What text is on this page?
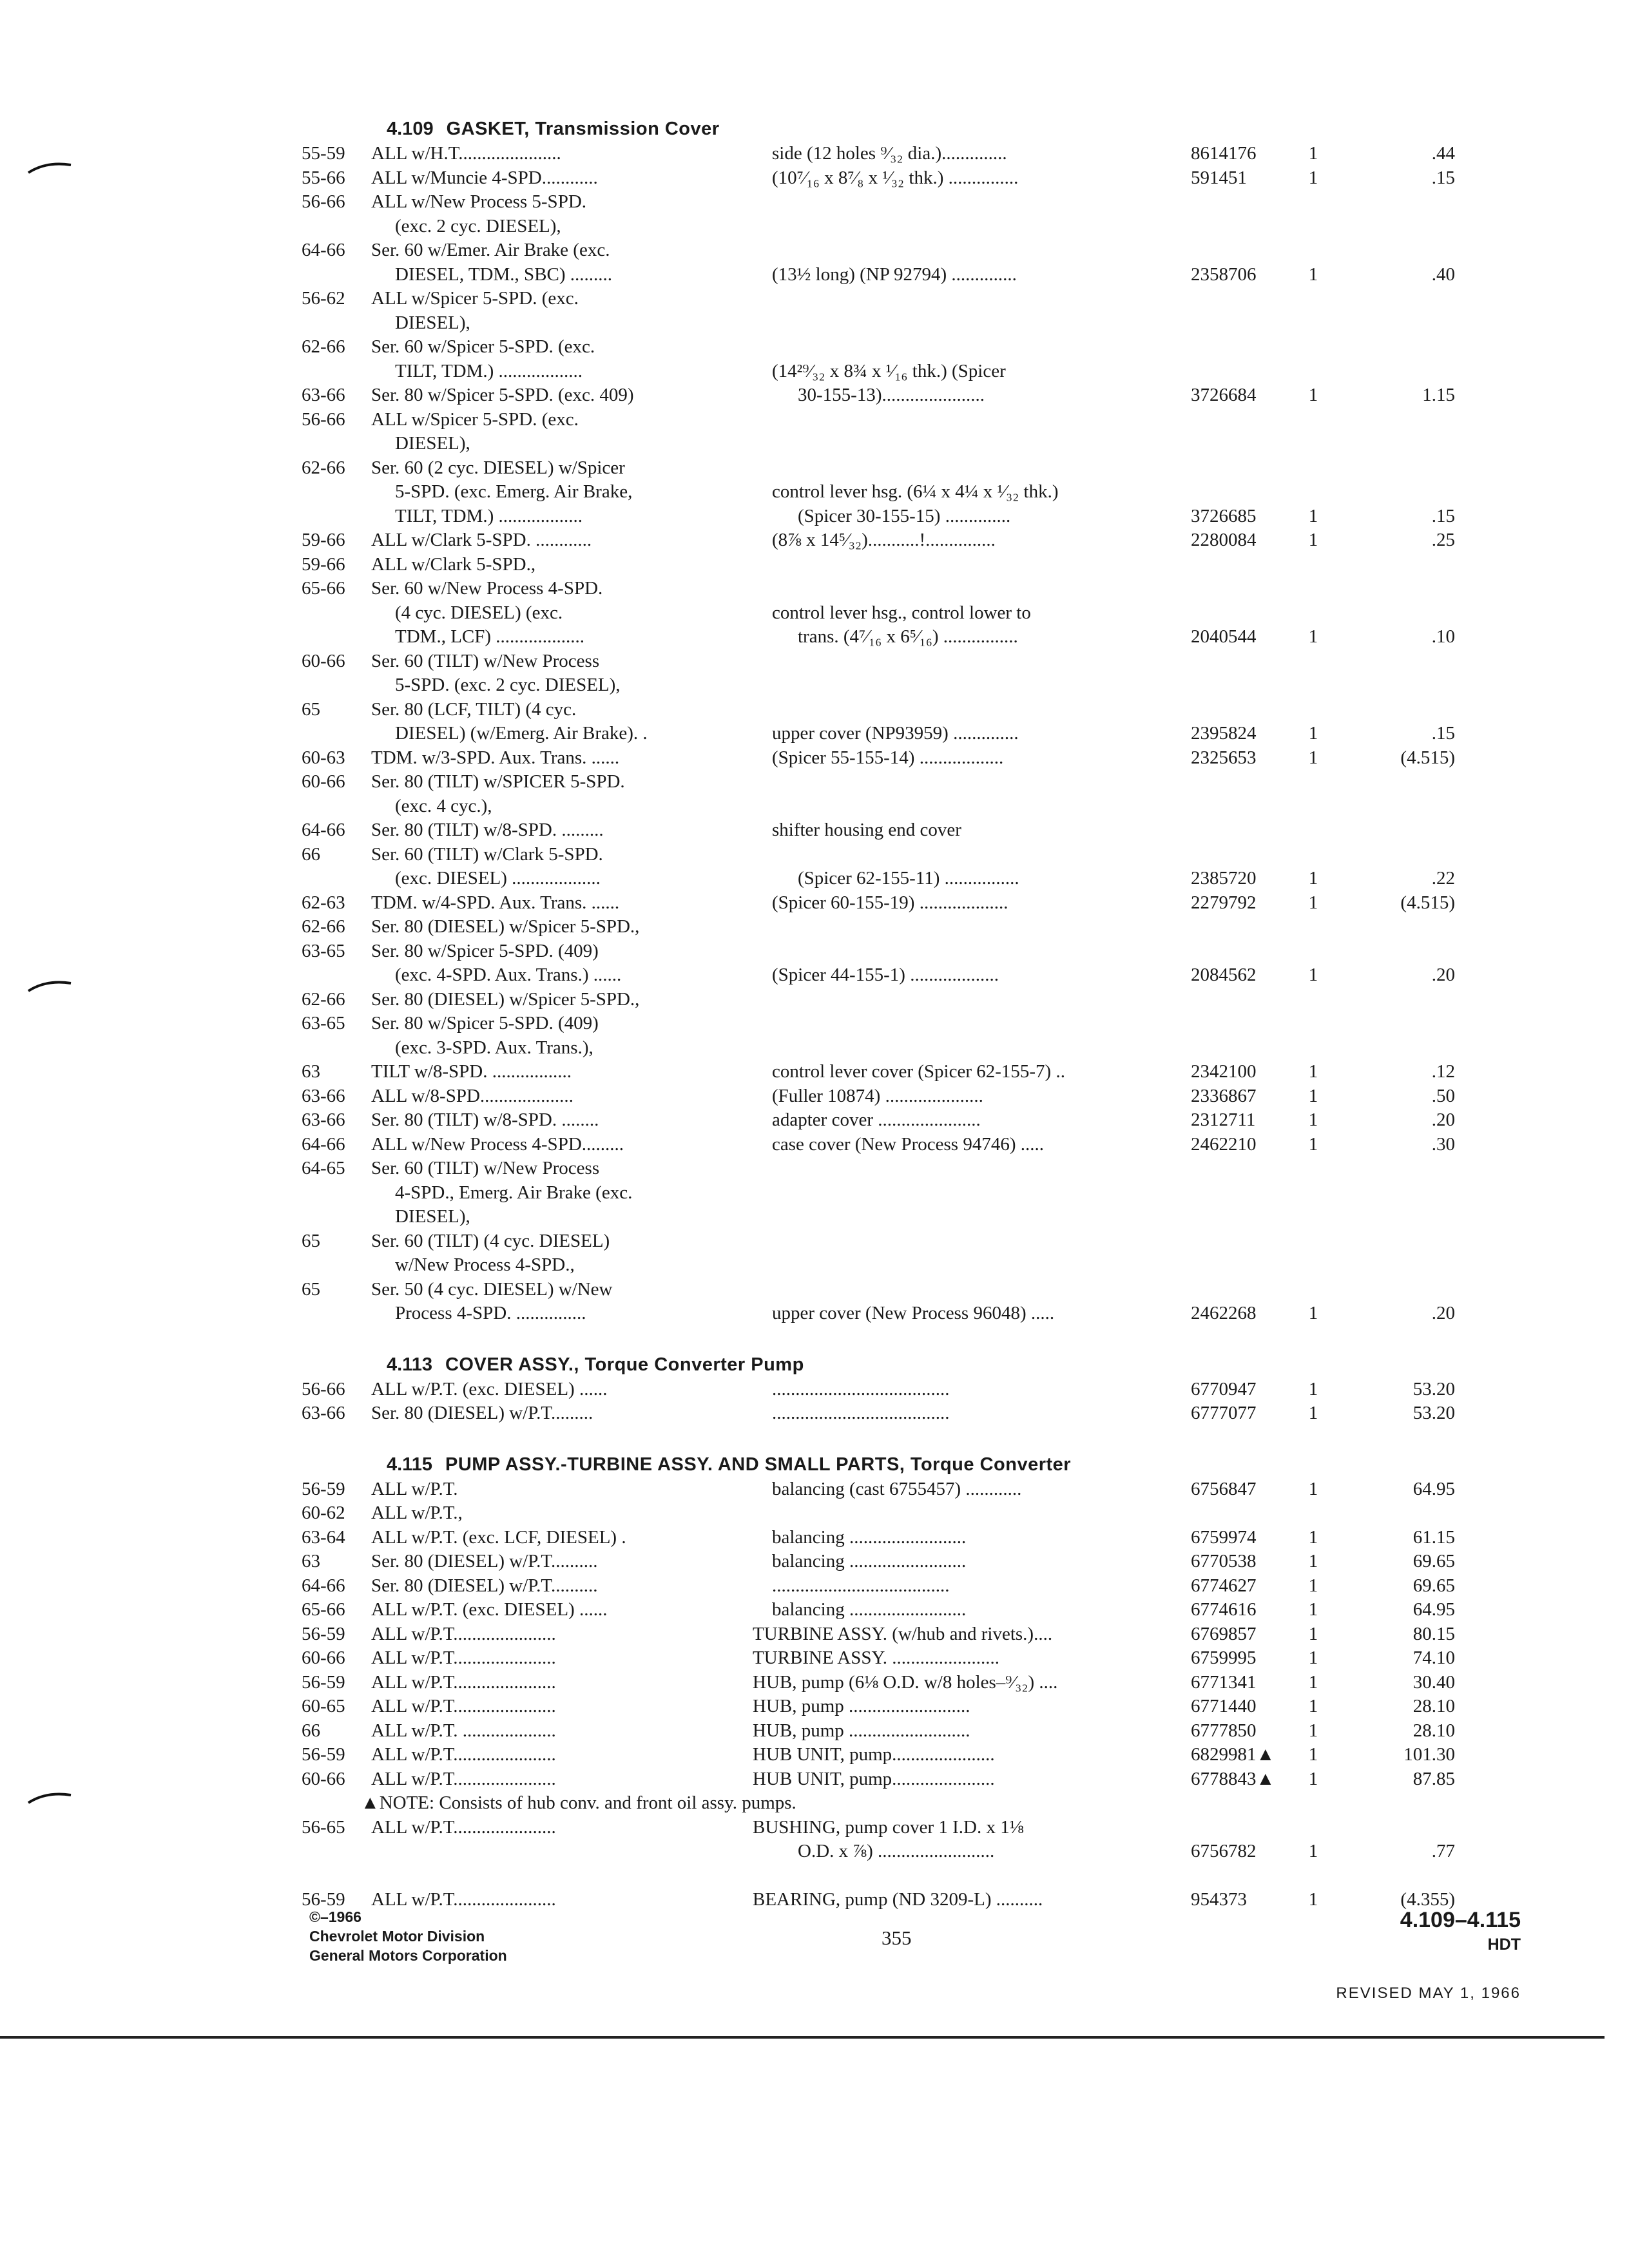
4.109 GASKET, Transmission Cover
55-59 ALL w/H.T......................	side (12 holes ⁹⁄₃₂ dia.)..............	8614176	1	.44
55-66 ALL w/Muncie 4-SPD............	(10⁷⁄₁₆ x 8⁷⁄₈ x ¹⁄₃₂ thk.) ...............	591451	1	.15
56-66 ALL w/New Process 5-SPD.
(exc. 2 cyc. DIESEL),
64-66 Ser. 60 w/Emer. Air Brake (exc.
DIESEL, TDM., SBC) .........	(13½ long) (NP 92794) ..............	2358706	1	.40
56-62 ALL w/Spicer 5-SPD. (exc.
DIESEL),
62-66 Ser. 60 w/Spicer 5-SPD. (exc.
TILT, TDM.) ..................	(14²⁹⁄₃₂ x 8¾ x ¹⁄₁₆ thk.) (Spicer
63-66 Ser. 80 w/Spicer 5-SPD. (exc. 409)	30-155-13)......................	3726684	1	1.15
56-66 ALL w/Spicer 5-SPD. (exc.
DIESEL),
62-66 Ser. 60 (2 cyc. DIESEL) w/Spicer
5-SPD. (exc. Emerg. Air Brake,	control lever hsg. (6¼ x 4¼ x ¹⁄₃₂ thk.)
TILT, TDM.) ..................	(Spicer 30-155-15) ..............	3726685	1	.15
59-66 ALL w/Clark 5-SPD. ............	(8⅞ x 14⁵⁄₃₂)...........!...............	2280084	1	.25
59-66 ALL w/Clark 5-SPD.,
65-66 Ser. 60 w/New Process 4-SPD.
(4 cyc. DIESEL) (exc.	control lever hsg., control lower to
TDM., LCF) ...................	trans. (4⁷⁄₁₆ x 6⁵⁄₁₆) ................	2040544	1	.10
60-66 Ser. 60 (TILT) w/New Process
5-SPD. (exc. 2 cyc. DIESEL),
65	Ser. 80 (LCF, TILT) (4 cyc.
DIESEL) (w/Emerg. Air Brake). .	upper cover (NP93959) ..............	2395824	1	.15
60-63 TDM. w/3-SPD. Aux. Trans. ......	(Spicer 55-155-14) ..................	2325653	1	(4.515)
60-66 Ser. 80 (TILT) w/SPICER 5-SPD.
(exc. 4 cyc.),
64-66 Ser. 80 (TILT) w/8-SPD. .........	shifter housing end cover
66	Ser. 60 (TILT) w/Clark 5-SPD.
(exc. DIESEL) ...................	(Spicer 62-155-11) ................	2385720	1	.22
62-63 TDM. w/4-SPD. Aux. Trans. ......	(Spicer 60-155-19) ...................	2279792	1	(4.515)
62-66 Ser. 80 (DIESEL) w/Spicer 5-SPD.,
63-65 Ser. 80 w/Spicer 5-SPD. (409)
(exc. 4-SPD. Aux. Trans.) ......	(Spicer 44-155-1) ...................	2084562	1	.20
62-66 Ser. 80 (DIESEL) w/Spicer 5-SPD.,
63-65 Ser. 80 w/Spicer 5-SPD. (409)
(exc. 3-SPD. Aux. Trans.),
63	TILT w/8-SPD. .................	control lever cover (Spicer 62-155-7) ..	2342100	1	.12
63-66 ALL w/8-SPD....................	(Fuller 10874) .....................	2336867	1	.50
63-66 Ser. 80 (TILT) w/8-SPD. ........	adapter cover ......................	2312711	1	.20
64-66 ALL w/New Process 4-SPD.........	case cover (New Process 94746) .....	2462210	1	.30
64-65 Ser. 60 (TILT) w/New Process
4-SPD., Emerg. Air Brake (exc.
DIESEL),
65	Ser. 60 (TILT) (4 cyc. DIESEL)
w/New Process 4-SPD.,
65	Ser. 50 (4 cyc. DIESEL) w/New
Process 4-SPD. ...............	upper cover (New Process 96048) .....	2462268	1	.20
4.113 COVER ASSY., Torque Converter Pump
56-66 ALL w/P.T. (exc. DIESEL) ......	......................................	6770947	1	53.20
63-66 Ser. 80 (DIESEL) w/P.T.........	......................................	6777077	1	53.20
4.115 PUMP ASSY.-TURBINE ASSY. AND SMALL PARTS, Torque Converter
56-59 ALL w/P.T.	balancing (cast 6755457) ............	6756847	1	64.95
60-62 ALL w/P.T.,
63-64 ALL w/P.T. (exc. LCF, DIESEL) .	balancing .........................	6759974	1	61.15
63	Ser. 80 (DIESEL) w/P.T..........	balancing .........................	6770538	1	69.65
64-66 Ser. 80 (DIESEL) w/P.T..........	......................................	6774627	1	69.65
65-66 ALL w/P.T. (exc. DIESEL) ......	balancing .........................	6774616	1	64.95
56-59 ALL w/P.T......................	TURBINE ASSY. (w/hub and rivets.)....	6769857	1	80.15
60-66 ALL w/P.T......................	TURBINE ASSY. .......................	6759995	1	74.10
56-59 ALL w/P.T......................	HUB, pump (6⅛ O.D. w/8 holes–⁹⁄₃₂) ....	6771341	1	30.40
60-65 ALL w/P.T......................	HUB, pump ..........................	6771440	1	28.10
66	ALL w/P.T. ....................	HUB, pump ..........................	6777850	1	28.10
56-59 ALL w/P.T......................	HUB UNIT, pump......................	6829981▲	1	101.30
60-66 ALL w/P.T......................	HUB UNIT, pump......................	6778843▲	1	87.85
▲NOTE: Consists of hub conv. and front oil assy. pumps.
56-65 ALL w/P.T......................	BUSHING, pump cover 1 I.D. x 1⅛
O.D. x ⅞) .........................	6756782	1	.77
56-59 ALL w/P.T......................	BEARING, pump (ND 3209-L) ..........	954373	1	(4.355)
©–1966
Chevrolet Motor Division
General Motors Corporation
355
4.109–4.115
HDT
REVISED MAY 1, 1966
